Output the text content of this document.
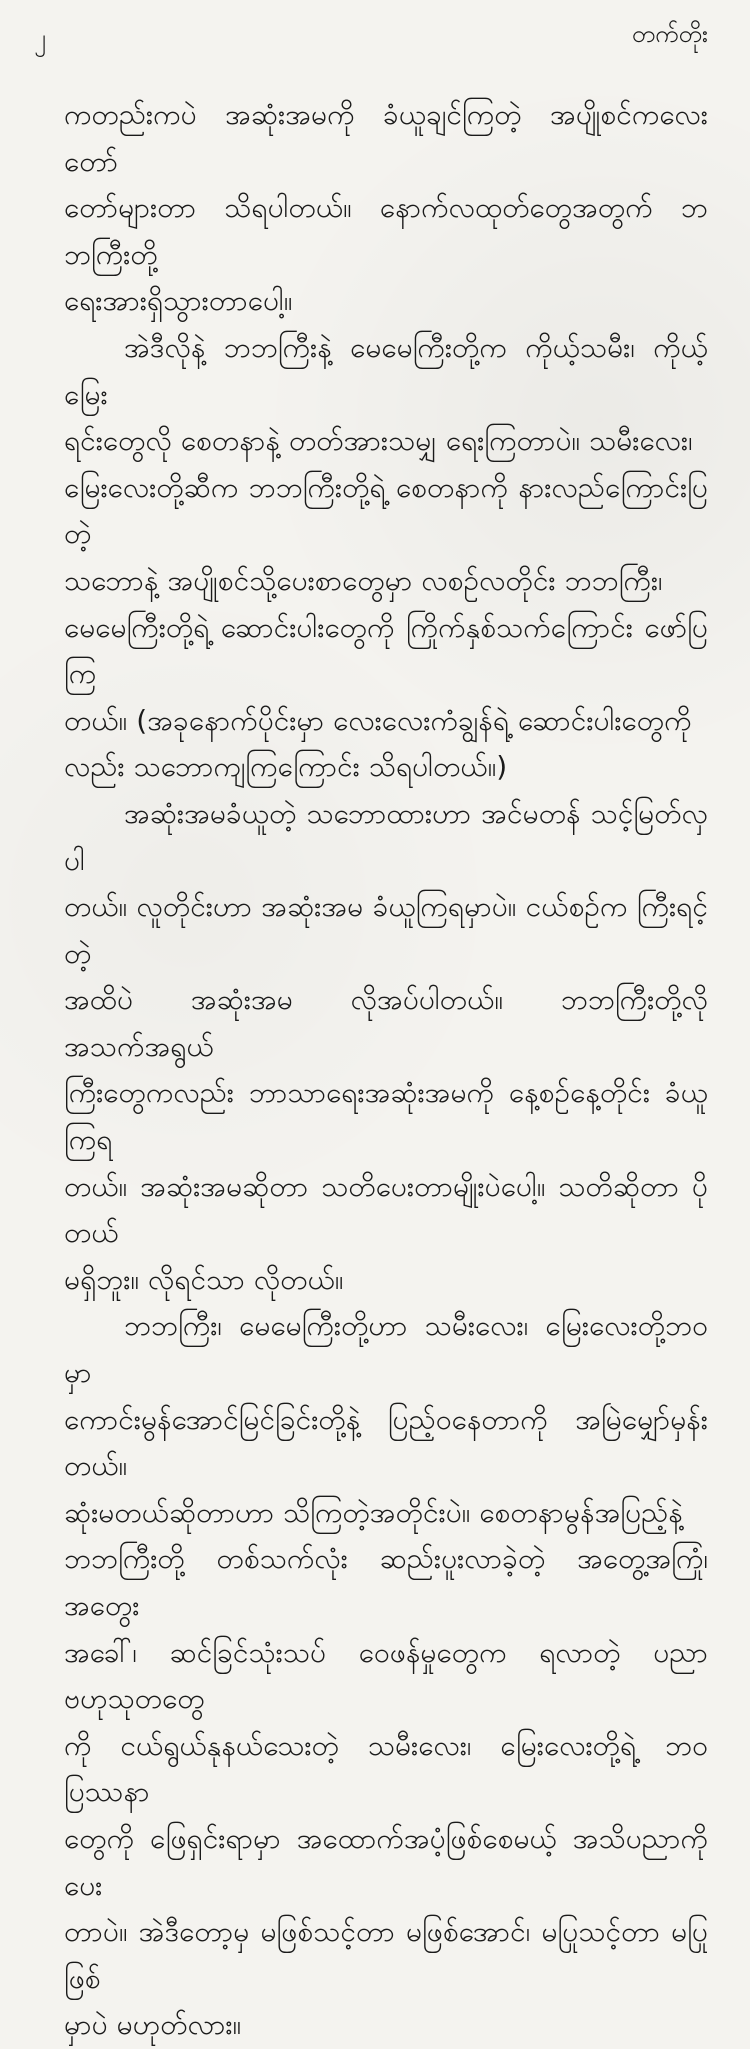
၂	တက်တိုး

ကတည်းကပဲ အဆုံးအမကို ခံယူချင်ကြတဲ့ အပျိုစင်ကလေး တော်
တော်များတာ သိရပါတယ်။ နောက်လထုတ်တွေအတွက် ဘဘကြီးတို့
ရေးအားရှိသွားတာပေါ့။

အဲဒီလိုနဲ့ ဘဘကြီးနဲ့ မေမေကြီးတို့က ကိုယ့်သမီး၊ ကိုယ့်မြေး
ရင်းတွေလို စေတနာနဲ့ တတ်အားသမျှ ရေးကြတာပဲ။ သမီးလေး၊
မြေးလေးတို့ဆီက ဘဘကြီးတို့ရဲ့ စေတနာကို နားလည်ကြောင်းပြတဲ့
သဘောနဲ့ အပျိုစင်သို့ပေးစာတွေမှာ လစဉ်လတိုင်း ဘဘကြီး၊
မေမေကြီးတို့ရဲ့ ဆောင်းပါးတွေကို ကြိုက်နှစ်သက်ကြောင်း ဖော်ပြကြ
တယ်။ (အခုနောက်ပိုင်းမှာ လေးလေးကံချွန်ရဲ့ ဆောင်းပါးတွေကို
လည်း သဘောကျကြကြောင်း သိရပါတယ်။)

အဆုံးအမခံယူတဲ့ သဘောထားဟာ အင်မတန် သင့်မြတ်လှပါ
တယ်။ လူတိုင်းဟာ အဆုံးအမ ခံယူကြရမှာပဲ။ ငယ်စဉ်က ကြီးရင့်တဲ့
အထိပဲ အဆုံးအမ လိုအပ်ပါတယ်။ ဘဘကြီးတို့လို အသက်အရွယ်
ကြီးတွေကလည်း ဘာသာရေးအဆုံးအမကို နေ့စဉ်နေ့တိုင်း ခံယူကြရ
တယ်။ အဆုံးအမဆိုတာ သတိပေးတာမျိုးပဲပေါ့။ သတိဆိုတာ ပိုတယ်
မရှိဘူး။ လိုရင်သာ လိုတယ်။

ဘဘကြီး၊ မေမေကြီးတို့ဟာ သမီးလေး၊ မြေးလေးတို့ဘဝမှာ
ကောင်းမွန်အောင်မြင်ခြင်းတို့နဲ့ ပြည့်ဝနေတာကို အမြဲမျှော်မှန်းတယ်။
ဆုံးမတယ်ဆိုတာဟာ သိကြတဲ့အတိုင်းပဲ။ စေတနာမွန်အပြည့်နဲ့
ဘဘကြီးတို့ တစ်သက်လုံး ဆည်းပူးလာခဲ့တဲ့ အတွေ့အကြုံ၊ အတွေး
အခေါ်၊ ဆင်ခြင်သုံးသပ် ဝေဖန်မှုတွေက ရလာတဲ့ ပညာဗဟုသုတတွေ
ကို ငယ်ရွယ်နုနယ်သေးတဲ့ သမီးလေး၊ မြေးလေးတို့ရဲ့ ဘဝပြဿနာ
တွေကို ဖြေရှင်းရာမှာ အထောက်အပံ့ဖြစ်စေမယ့် အသိပညာကို ပေး
တာပဲ။ အဲဒီတော့မှ မဖြစ်သင့်တာ မဖြစ်အောင်၊ မပြုသင့်တာ မပြုဖြစ်
မှာပဲ မဟုတ်လား။
